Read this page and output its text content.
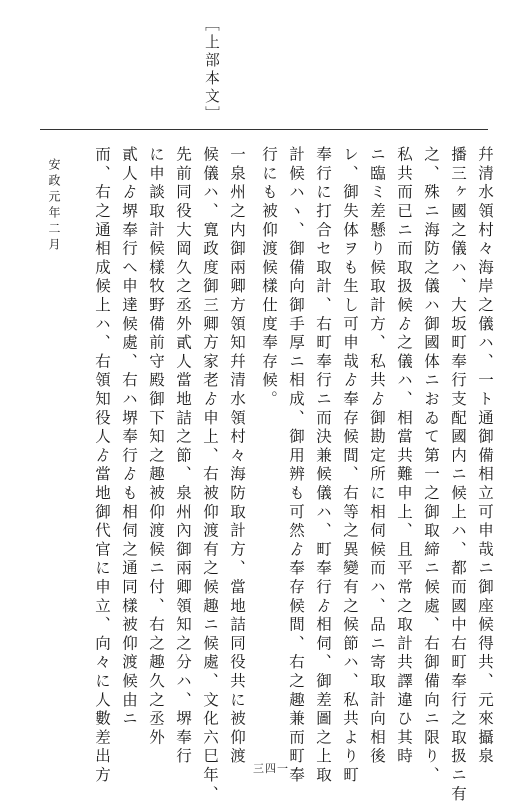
［上部本文］
幷清水領村々海岸之儀ハ、一ト通御備相立可申哉ニ御座候得共、元來攝泉
播三ヶ國之儀ハ、大坂町奉行支配國内ニ候上ハ、都而國中右町奉行之取扱ニ有
之、殊ニ海防之儀ハ御國体ニおゐて第一之御取締ニ候處、右御備向ニ限り、
私共而已ニ而取扱候ゟ之儀ハ、相當共難申上、且平常之取計共譯違ひ其時
ニ臨ミ差懸り候取計方、私共ゟ御勘定所に相伺候而ハ、品ニ寄取計向相後
レ、御失体ヲも生し可申哉ゟ奉存候間、右等之異變有之候節ハ、私共より町
奉行に打合セ取計、右町奉行ニ而決兼候儀ハ、町奉行ゟ相伺、御差圖之上取
計候ハヽ、御備向御手厚ニ相成、御用辨も可然ゟ奉存候間、右之趣兼而町奉
行にも被仰渡候樣仕度奉存候。
一泉州之内御兩卿方領知幷清水領村々海防取計方、當地詰同役共に被仰渡
候儀ハ、寬政度御三卿方家老ゟ申上、右被仰渡有之候趣ニ候處、文化六巳年、
先前同役大岡久之丞外貳人當地詰之節、泉州內御兩卿領知之分ハ、堺奉行
に申談取計候樣牧野備前守殿御下知之趣被仰渡候ニ付、右之趣久之丞外
貳人ゟ堺奉行へ申達候處、右ハ堺奉行ゟも相伺之通同樣被仰渡候由ニ
而、右之通相成候上ハ、右領知役人ゟ當地御代官に申立、向々に人數差出方
安政元年二月
三四一
